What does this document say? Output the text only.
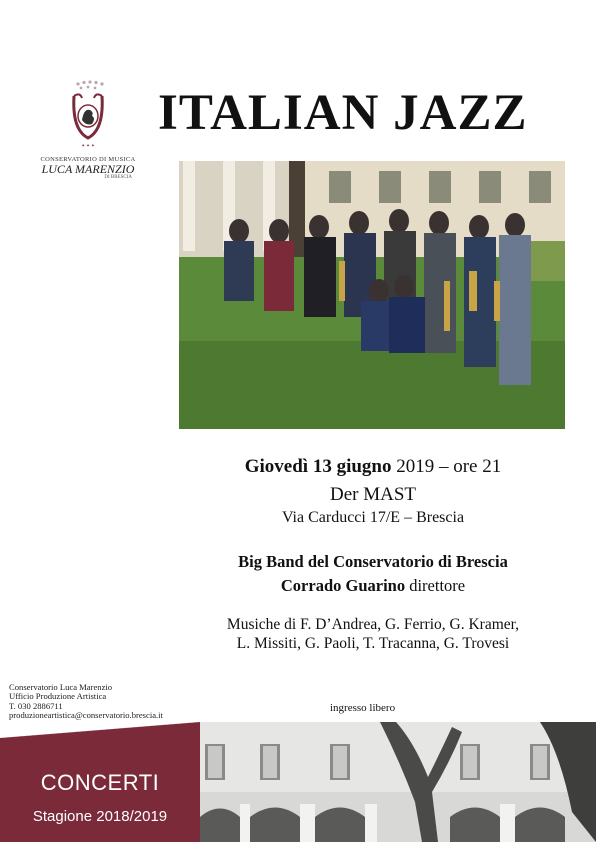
✦ ✦ ✦
CONSERVATORIO DI MUSICA
LUCA MARENZIO
DI BRESCIA
ITALIAN JAZZ
Giovedì 13 giugno 2019 – ore 21
Der MAST
Via Carducci 17/E – Brescia
Big Band del Conservatorio di Brescia
Corrado Guarino direttore
Musiche di F. D’Andrea, G. Ferrio, G. Kramer,
L. Missiti, G. Paoli, T. Tracanna, G. Trovesi
Conservatorio Luca Marenzio
Ufficio Produzione Artistica
T. 030 2886711
produzioneartistica@conservatorio.brescia.it
ingresso libero
CONCERTI
Stagione 2018/2019
